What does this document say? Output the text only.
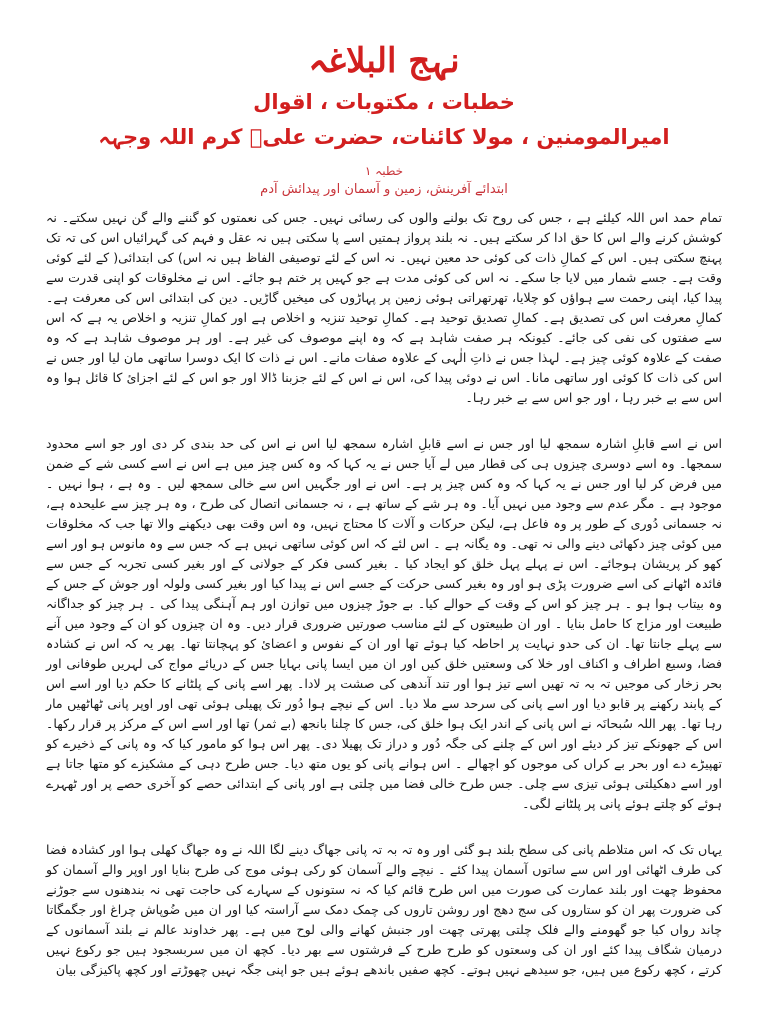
نہج البلاغہ
خطبات ، مکتوبات ، اقوال
امیرالمومنین ، مولا کائنات، حضرت علیؑ کرم اللہ وجہہ
خطبہ ۱
ابتدائے آفرینش، زمین و آسمان اور پیدائش آدم

تمام حمد اس اللہ کیلئے ہے ، جس کی روح تک بولنے والوں کی رسائی نہیں۔ جس کی نعمتوں کو گننے والے گن نہیں سکتے۔ نہ کوشش کرنے والے اس کا حق ادا کر سکتے ہیں۔ نہ بلند پرواز ہمتیں اسے پا سکتی ہیں نہ عقل و فہم کی گہرائیاں اس کی تہ تک پہنچ سکتی ہیں۔ اس کے کمالِ ذات کی کوئی حد معین نہیں۔ نہ اس کے لئے توصیفی الفاظ ہیں نہ اس) کی ابتدائی( کے لئے کوئی وقت ہے۔ جسے شمار میں لایا جا سکے۔ نہ اس کی کوئی مدت ہے جو کہیں پر ختم ہو جائے۔ اس نے مخلوقات کو اپنی قدرت سے پیدا کیا، اپنی رحمت سے ہواؤں کو چلایا، تھرتھراتی ہوئی زمین پر پہاڑوں کی میخیں گاڑیں۔ دین کی ابتدائی اس کی معرفت ہے۔ کمالِ معرفت اس کی تصدیق ہے۔ کمالِ تصدیق توحید ہے۔ کمالِ توحید تنزیہ و اخلاص ہے اور کمالِ تنزیہ و اخلاص یہ ہے کہ اس سے صفتوں کی نفی کی جائے۔ کیونکہ ہر صفت شاہد ہے کہ وہ اپنے موصوف کی غیر ہے۔ اور ہر موصوف شاہد ہے کہ وہ صفت کے علاوہ کوئی چیز ہے۔ لہذا جس نے ذاتِ الٰہی کے علاوہ صفات مانے۔ اس نے ذات کا ایک دوسرا ساتھی مان لیا اور جس نے اس کی ذات کا کوئی اور ساتھی مانا۔ اس نے دوئی پیدا کی، اس نے اس کے لئے جزبنا ڈالا اور جو اس کے لئے اجزائ کا قائل ہوا وہ اس سے بے خبر رہا ، اور جو اس سے بے خبر رہا۔

اس نے اسے قابلِ اشارہ سمجھ لیا اور جس نے اسے قابلِ اشارہ سمجھ لیا اس نے اس کی حد بندی کر دی اور جو اسے محدود سمجھا۔ وہ اسے دوسری چیزوں ہی کی قطار میں لے آیا جس نے یہ کہا کہ وہ کس چیز میں ہے اس نے اسے کسی شے کے ضمن میں فرض کر لیا اور جس نے یہ کہا کہ وہ کس چیز پر ہے۔ اس نے اور جگہیں اس سے خالی سمجھ لیں ۔ وہ ہے ، ہوا نہیں ۔ موجود ہے ۔ مگر عدم سے وجود میں نہیں آیا۔ وہ ہر شے کے ساتھ ہے ، نہ جسمانی اتصال کی طرح ، وہ ہر چیز سے علیحدہ ہے، نہ جسمانی دُوری کے طور پر وہ فاعل ہے، لیکن حرکات و آلات کا محتاج نہیں، وہ اس وقت بھی دیکھنے والا تھا جب کہ مخلوقات میں کوئی چیز دکھائی دینے والی نہ تھی۔ وہ یگانہ ہے ۔ اس لئے کہ اس کوئی ساتھی نہیں ہے کہ جس سے وہ مانوس ہو اور اسے کھو کر پریشان ہوجائے۔ اس نے پہلے پہل خلق کو ایجاد کیا ۔ بغیر کسی فکر کے جولانی کے اور بغیر کسی تجربہ کے جس سے فائدہ اٹھانے کی اسے ضرورت پڑی ہو اور وہ بغیر کسی حرکت کے جسے اس نے پیدا کیا اور بغیر کسی ولولہ اور جوش کے جس کے وہ بیتاب ہوا ہو ۔ ہر چیز کو اس کے وقت کے حوالے کیا۔ بے جوڑ چیزوں میں توازن اور ہم آہنگی پیدا کی ۔ ہر چیز کو جداگانہ طبیعت اور مزاج کا حامل بنایا ۔ اور ان طبیعتوں کے لئے مناسب صورتیں ضروری قرار دیں۔ وہ ان چیزوں کو ان کے وجود میں آنے سے پہلے جانتا تھا۔ ان کی حدو نہایت پر احاطہ کیا ہوئے تھا اور ان کے نفوس و اعضائ کو پہچانتا تھا۔ پھر یہ کہ اس نے کشادہ فضا، وسیع اطراف و اکناف اور خلا کی وسعتیں خلق کیں اور ان میں ایسا پانی بہایا جس کے دریائے مواج کی لہریں طوفانی اور بحر زخار کی موجیں تہ بہ تہ تھیں اسے تیز ہوا اور تند آندھی کی صشت پر لادا۔ پھر اسے پانی کے پلٹانے کا حکم دیا اور اسے اس کے پابند رکھنے پر قابو دیا اور اسے پانی کی سرحد سے ملا دیا۔ اس کے نیچے ہوا دُور تک پھیلی ہوئی تھی اور اوپر پانی ٹھاٹھیں مار رہا تھا۔ پھر اللہ سُبحانَہ نے اس پانی کے اندر ایک ہوا خلق کی، جس کا چلنا بانجھ (بے ثمر) تھا اور اسے اس کے مرکز پر قرار رکھا۔ اس کے جھونکے تیز کر دیئے اور اس کے چلنے کی جگہ دُور و دراز تک پھیلا دی۔ پھر اس ہوا کو مامور کیا کہ وہ پانی کے ذخیرے کو تھپیڑے دے اور بحر بے کراں کی موجوں کو اچھالے ۔ اس ہوانے پانی کو یوں متھ دیا۔ جس طرح دہی کے مشکیزے کو متھا جاتا ہے اور اسے دھکیلتی ہوئی تیزی سے چلی۔ جس طرح خالی فضا میں چلتی ہے اور پانی کے ابتدائی حصے کو آخری حصے پر اور ٹھہرے ہوئے کو چلتے ہوئے پانی پر پلٹانے لگی۔

یہاں تک کہ اس متلاطم پانی کی سطح بلند ہو گئی اور وہ تہ بہ تہ پانی جھاگ دینے لگا اللہ نے وہ جھاگ کھلی ہوا اور کشادہ فضا کی طرف اٹھائی اور اس سے ساتوں آسمان پیدا کئے ۔ نیچے والے آسمان کو رکی ہوئی موج کی طرح بنایا اور اوپر والے آسمان کو محفوظ چھت اور بلند عمارت کی صورت میں اس طرح قائم کیا کہ نہ ستونوں کے سہارے کی حاجت تھی نہ بندھنوں سے جوڑنے کی ضرورت پھر ان کو ستاروں کی سج دھج اور روشن تاروں کی چمک دمک سے آراستہ کیا اور ان میں ضُوپاش چراغ اور جگمگاتا چاند رواں کیا جو گھومنے والے فلک چلتی پھرتی چھت اور جنبش کھانے والی لوح میں ہے۔ پھر خداوند عالم نے بلند آسمانوں کے درمیان شگاف پیدا کئے اور ان کی وسعتوں کو طرح طرح کے فرشتوں سے بھر دیا۔ کچھ ان میں سربسجود ہیں جو رکوع نہیں کرتے ، کچھ رکوع میں ہیں، جو سیدھے نہیں ہوتے۔ کچھ صفیں باندھے ہوئے ہیں جو اپنی جگہ نہیں چھوڑتے اور کچھ پاکیزگی بیان
